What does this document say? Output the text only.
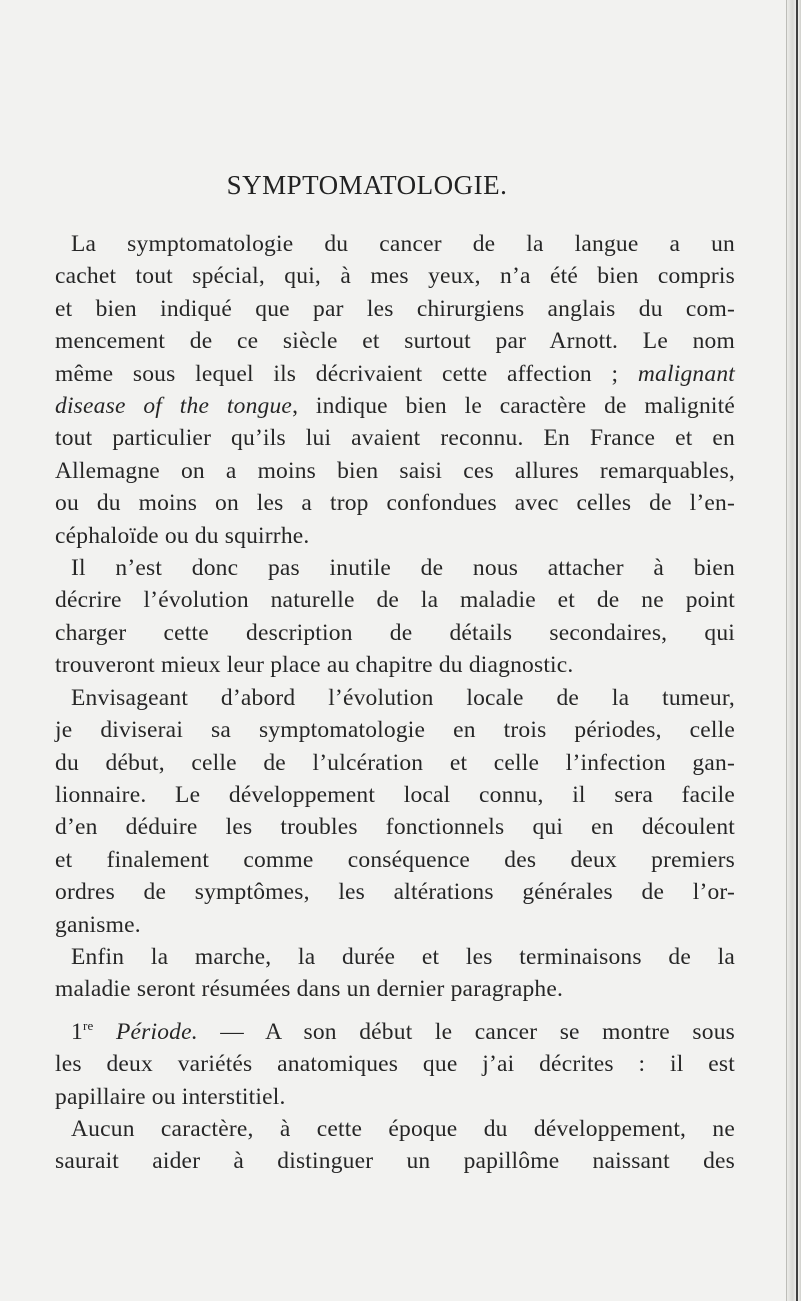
SYMPTOMATOLOGIE.
La symptomatologie du cancer de la langue a un
cachet tout spécial, qui, à mes yeux, n’a été bien compris
et bien indiqué que par les chirurgiens anglais du com-
mencement de ce siècle et surtout par Arnott. Le nom
même sous lequel ils décrivaient cette affection ; malignant
disease of the tongue, indique bien le caractère de malignité
tout particulier qu’ils lui avaient reconnu. En France et en
Allemagne on a moins bien saisi ces allures remarquables,
ou du moins on les a trop confondues avec celles de l’en-
céphaloïde ou du squirrhe.
Il n’est donc pas inutile de nous attacher à bien
décrire l’évolution naturelle de la maladie et de ne point
charger cette description de détails secondaires, qui
trouveront mieux leur place au chapitre du diagnostic.
Envisageant d’abord l’évolution locale de la tumeur,
je diviserai sa symptomatologie en trois périodes, celle
du début, celle de l’ulcération et celle l’infection gan-
lionnaire. Le développement local connu, il sera facile
d’en déduire les troubles fonctionnels qui en découlent
et finalement comme conséquence des deux premiers
ordres de symptômes, les altérations générales de l’or-
ganisme.
Enfin la marche, la durée et les terminaisons de la
maladie seront résumées dans un dernier paragraphe.
1re Période. — A son début le cancer se montre sous
les deux variétés anatomiques que j’ai décrites : il est
papillaire ou interstitiel.
Aucun caractère, à cette époque du développement, ne
saurait aider à distinguer un papillôme naissant des
